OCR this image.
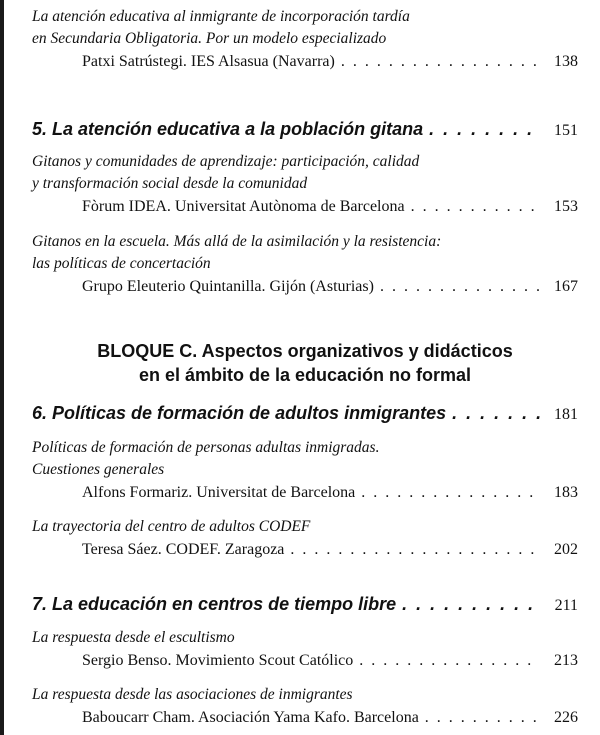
La atención educativa al inmigrante de incorporación tardía
en Secundaria Obligatoria. Por un modelo especializado
Patxi Satrústegi. IES Alsasua (Navarra) . . .	138
5. La atención educativa a la población gitana . . .	151
Gitanos y comunidades de aprendizaje: participación, calidad
y transformación social desde la comunidad
Fòrum IDEA. Universitat Autònoma de Barcelona . . .	153
Gitanos en la escuela. Más allá de la asimilación y la resistencia:
las políticas de concertación
Grupo Eleuterio Quintanilla. Gijón (Asturias) . . .	167
BLOQUE C. Aspectos organizativos y didácticos
en el ámbito de la educación no formal
6. Políticas de formación de adultos inmigrantes . . .	181
Políticas de formación de personas adultas inmigradas.
Cuestiones generales
Alfons Formariz. Universitat de Barcelona . . .	183
La trayectoria del centro de adultos CODEF
Teresa Sáez. CODEF. Zaragoza . . .	202
7. La educación en centros de tiempo libre . . .	211
La respuesta desde el escultismo
Sergio Benso. Movimiento Scout Católico . . .	213
La respuesta desde las asociaciones de inmigrantes
Baboucarr Cham. Asociación Yama Kafo. Barcelona . . .	226
